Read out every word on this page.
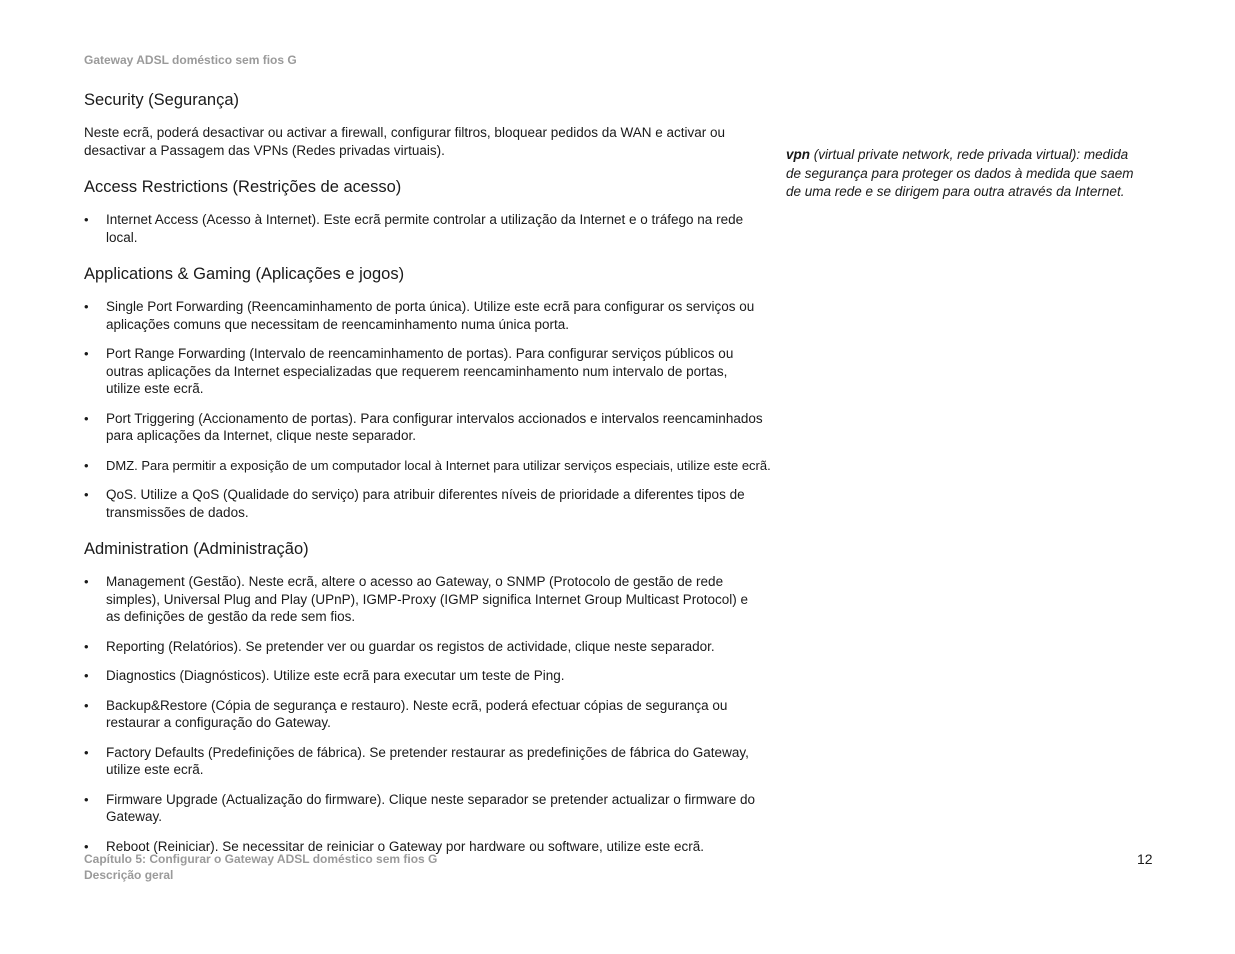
Gateway ADSL doméstico sem fios G
Security (Segurança)

Neste ecrã, poderá desactivar ou activar a firewall, configurar filtros, bloquear pedidos da WAN e activar ou desactivar a Passagem das VPNs (Redes privadas virtuais).

Access Restrictions (Restrições de acesso)
• Internet Access (Acesso à Internet). Este ecrã permite controlar a utilização da Internet e o tráfego na rede local.
Applications & Gaming (Aplicações e jogos)
• Single Port Forwarding (Reencaminhamento de porta única). Utilize este ecrã para configurar os serviços ou aplicações comuns que necessitam de reencaminhamento numa única porta.
• Port Range Forwarding (Intervalo de reencaminhamento de portas). Para configurar serviços públicos ou outras aplicações da Internet especializadas que requerem reencaminhamento num intervalo de portas, utilize este ecrã.
• Port Triggering (Accionamento de portas). Para configurar intervalos accionados e intervalos reencaminhados para aplicações da Internet, clique neste separador.
• DMZ. Para permitir a exposição de um computador local à Internet para utilizar serviços especiais, utilize este ecrã.
• QoS. Utilize a QoS (Qualidade do serviço) para atribuir diferentes níveis de prioridade a diferentes tipos de transmissões de dados.
Administration (Administração)
• Management (Gestão). Neste ecrã, altere o acesso ao Gateway, o SNMP (Protocolo de gestão de rede simples), Universal Plug and Play (UPnP), IGMP-Proxy (IGMP significa Internet Group Multicast Protocol) e as definições de gestão da rede sem fios.
• Reporting (Relatórios). Se pretender ver ou guardar os registos de actividade, clique neste separador.
• Diagnostics (Diagnósticos). Utilize este ecrã para executar um teste de Ping.
• Backup&Restore (Cópia de segurança e restauro). Neste ecrã, poderá efectuar cópias de segurança ou restaurar a configuração do Gateway.
• Factory Defaults (Predefinições de fábrica). Se pretender restaurar as predefinições de fábrica do Gateway, utilize este ecrã.
• Firmware Upgrade (Actualização do firmware). Clique neste separador se pretender actualizar o firmware do Gateway.
• Reboot (Reiniciar). Se necessitar de reiniciar o Gateway por hardware ou software, utilize este ecrã.
vpn (virtual private network, rede privada virtual): medida de segurança para proteger os dados à medida que saem de uma rede e se dirigem para outra através da Internet.
Capítulo 5: Configurar o Gateway ADSL doméstico sem fios G
Descrição geral
12
